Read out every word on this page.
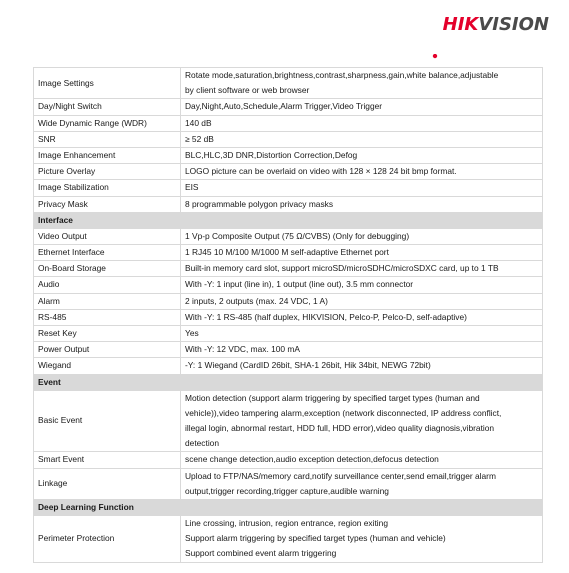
HIKVISION
Image Settings	Rotate mode,saturation,brightness,contrast,sharpness,gain,white balance,adjustable
by client software or web browser

Day/Night Switch	Day,Night,Auto,Schedule,Alarm Trigger,Video Trigger

Wide Dynamic Range (WDR)	140 dB

SNR	≥ 52 dB

Image Enhancement	BLC,HLC,3D DNR,Distortion Correction,Defog

Picture Overlay	LOGO picture can be overlaid on video with 128 × 128 24 bit bmp format.

Image Stabilization	EIS

Privacy Mask	8 programmable polygon privacy masks

Interface	
Video Output	1 Vp-p Composite Output (75 Ω/CVBS) (Only for debugging)

Ethernet Interface	1 RJ45 10 M/100 M/1000 M self-adaptive Ethernet port

On-Board Storage	Built-in memory card slot, support microSD/microSDHC/microSDXC card, up to 1 TB

Audio	With -Y: 1 input (line in), 1 output (line out), 3.5 mm connector

Alarm	2 inputs, 2 outputs (max. 24 VDC, 1 A)

RS-485	With -Y: 1 RS-485 (half duplex, HIKVISION, Pelco-P, Pelco-D, self-adaptive)

Reset Key	Yes

Power Output	With -Y: 12 VDC, max. 100 mA

Wiegand	-Y: 1 Wiegand (CardID 26bit, SHA-1 26bit, Hik 34bit, NEWG 72bit)

Event	
Basic Event	Motion detection (support alarm triggering by specified target types (human and
vehicle)),video tampering alarm,exception (network disconnected, IP address conflict,
illegal login, abnormal restart, HDD full, HDD error),video quality diagnosis,vibration
detection

Smart Event	scene change detection,audio exception detection,defocus detection

Linkage	Upload to FTP/NAS/memory card,notify surveillance center,send email,trigger alarm
output,trigger recording,trigger capture,audible warning

Deep Learning Function	
Perimeter Protection	Line crossing, intrusion, region entrance, region exiting
Support alarm triggering by specified target types (human and vehicle)
Support combined event alarm triggering
